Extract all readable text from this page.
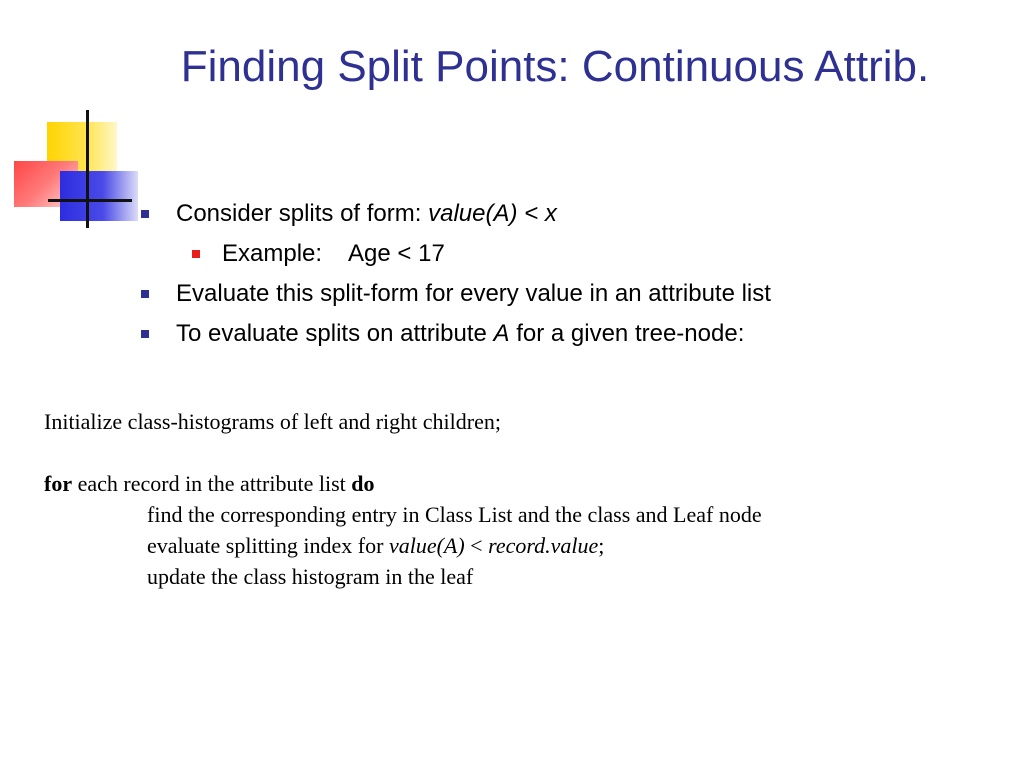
Finding Split Points: Continuous Attrib.
Consider splits of form: value(A) < x
Example: Age < 17
Evaluate this split-form for every value in an attribute list
To evaluate splits on attribute A for a given tree-node:
Initialize class-histograms of left and right children;
for each record in the attribute list do
find the corresponding entry in Class List and the class and Leaf node
evaluate splitting index for value(A) < record.value;
update the class histogram in the leaf
